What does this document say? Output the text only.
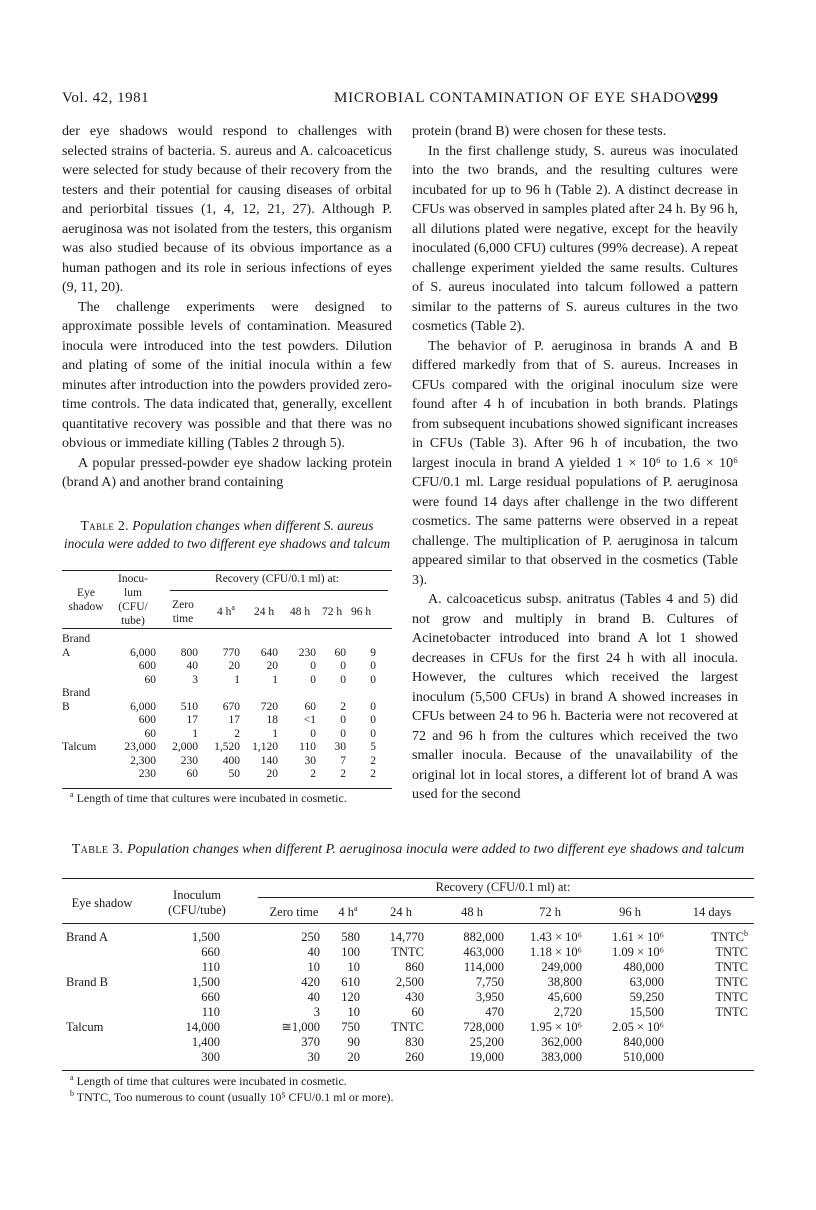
Vol. 42, 1981	MICROBIAL CONTAMINATION OF EYE SHADOW
299

der eye shadows would respond to challenges with selected strains of bacteria. S. aureus and A. calcoaceticus were selected for study because of their recovery from the testers and their potential for causing diseases of orbital and periorbital tissues (1, 4, 12, 21, 27). Although P. aeruginosa was not isolated from the testers, this organism was also studied because of its obvious importance as a human pathogen and its role in serious infections of eyes (9, 11, 20).

The challenge experiments were designed to approximate possible levels of contamination. Measured inocula were introduced into the test powders. Dilution and plating of some of the initial inocula within a few minutes after introduction into the powders provided zero-time controls. The data indicated that, generally, excellent quantitative recovery was possible and that there was no obvious or immediate killing (Tables 2 through 5).

A popular pressed-powder eye shadow lacking protein (brand A) and another brand containing

protein (brand B) were chosen for these tests.

In the first challenge study, S. aureus was inoculated into the two brands, and the resulting cultures were incubated for up to 96 h (Table 2). A distinct decrease in CFUs was observed in samples plated after 24 h. By 96 h, all dilutions plated were negative, except for the heavily inoculated (6,000 CFU) cultures (99% decrease). A repeat challenge experiment yielded the same results. Cultures of S. aureus inoculated into talcum followed a pattern similar to the patterns of S. aureus cultures in the two cosmetics (Table 2).

The behavior of P. aeruginosa in brands A and B differed markedly from that of S. aureus. Increases in CFUs compared with the original inoculum size were found after 4 h of incubation in both brands. Platings from subsequent incubations showed significant increases in CFUs (Table 3). After 96 h of incubation, the two largest inocula in brand A yielded 1 × 10⁶ to 1.6 × 10⁶ CFU/0.1 ml. Large residual populations of P. aeruginosa were found 14 days after challenge in the two different cosmetics. The same patterns were observed in a repeat challenge. The multiplication of P. aeruginosa in talcum appeared similar to that observed in the cosmetics (Table 3).

A. calcoaceticus subsp. anitratus (Tables 4 and 5) did not grow and multiply in brand B. Cultures of Acinetobacter introduced into brand A lot 1 showed decreases in CFUs for the first 24 h with all inocula. However, the cultures which received the largest inoculum (5,500 CFUs) in brand A showed increases in CFUs between 24 to 96 h. Bacteria were not recovered at 72 and 96 h from the cultures which received the two smaller inocula. Because of the unavailability of the original lot in local stores, a different lot of brand A was used for the second

Table 2. Population changes when different S. aureus inocula were added to two different eye shadows and talcum
Eye
shadow
Inocu-
lum
(CFU/
tube)
Recovery (CFU/0.1 ml) at:
Zero
time
4 $h^a$	24 h	48 h	72 h 96 h
Brand
A	6,000 800 770 640 230 60 9
600	40	20 20	0 0 0
60	3	1	1	0 0 0
Brand
B	6,000 510 670 720 60 2 0
600	17	17 18 <1 0 0
60	1	2	1	0 0 0
Talcum 23,000 2,000 1,520 1,120 110 30 5
2,300 230 400 140 30 7 2
230	60	50 20	2 2 2
$^a$ Length of time that cultures were incubated in cosmetic.
Table 3. Population changes when different P. aeruginosa inocula were added to two different eye shadows and talcum
Eye shadow
Inoculum
(CFU/tube)
Recovery (CFU/0.1 ml) at:
Zero time	4 $h^a$	24 h	48 h	72 h	96 h	14 days
Brand A	1,500	250 580 14,770	882,000 1.43 × 10⁶ 1.61 × 10⁶	TNTC$^b$
660	40 100	TNTC	463,000 1.18 × 10⁶ 1.09 × 10⁶	TNTC
110	10 10	860	114,000	249,000	480,000	TNTC
Brand B	1,500	420 610	2,500	7,750	38,800	63,000	TNTC
660	40 120	430	3,950	45,600	59,250	TNTC
110	3 10	60	470	2,720	15,500	TNTC
Talcum	14,000	≅1,000 750	TNTC	728,000 1.95 × 10⁶ 2.05 × 10⁶
1,400	370 90	830	25,200	362,000	840,000
300	30 20	260	19,000	383,000	510,000
$^a$ Length of time that cultures were incubated in cosmetic.
$^b$ TNTC, Too numerous to count (usually 10⁵ CFU/0.1 ml or more).
